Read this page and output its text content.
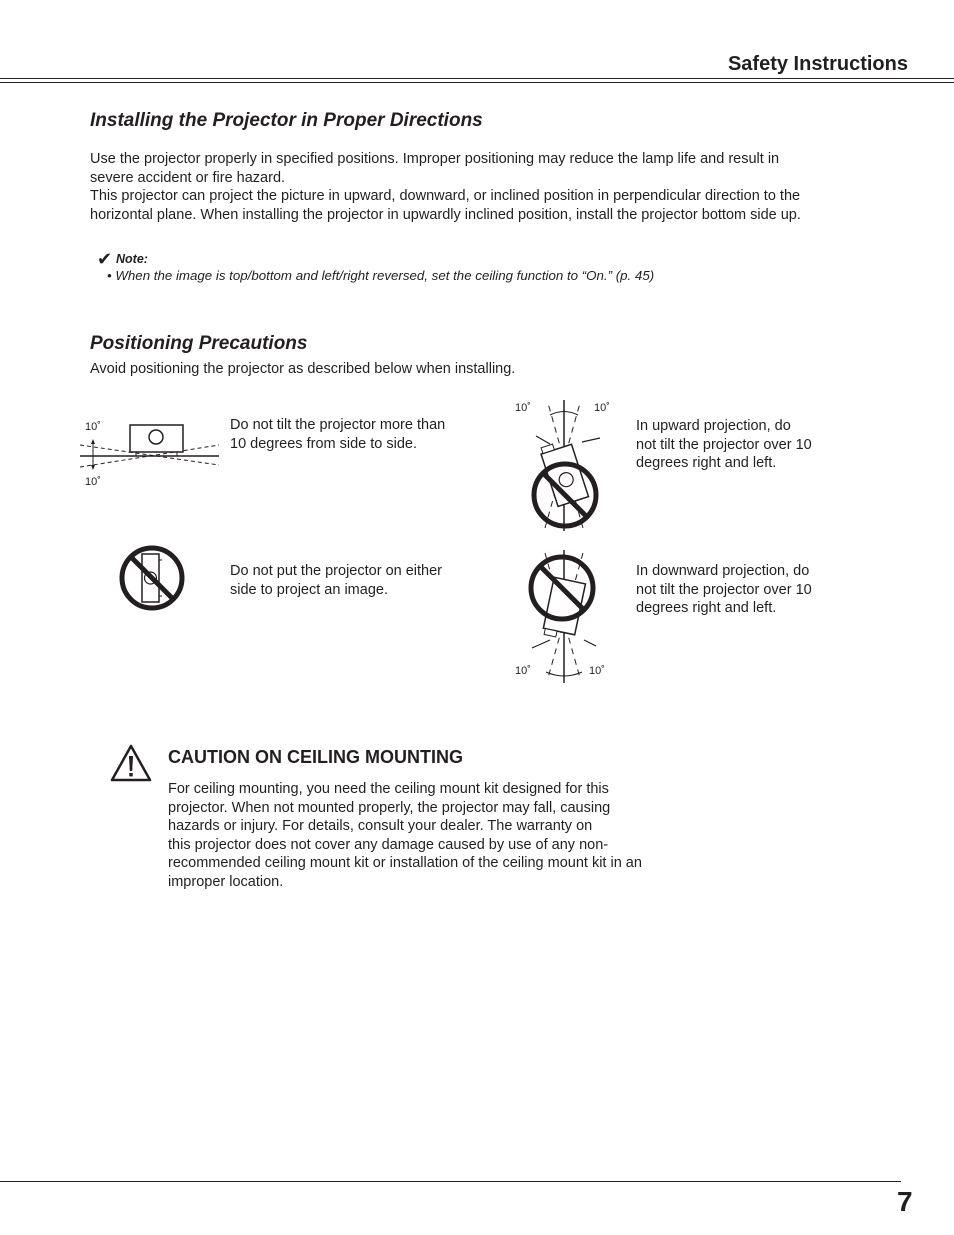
Safety Instructions
Installing the Projector in Proper Directions
Use the projector properly in specified positions. Improper positioning may reduce the lamp life and result in
severe accident or fire hazard.
This projector can project the picture in upward, downward, or inclined position in perpendicular direction to the
horizontal plane. When installing the projector in upwardly inclined position, install the projector bottom side up.
✔ Note:
• When the image is top/bottom and left/right reversed, set the ceiling function to “On.” (p. 45)
Positioning Precautions
Avoid positioning the projector as described below when installing.
10˚
10˚
Do not tilt the projector more than
10 degrees from side to side.
10˚	10˚
In upward projection, do
not tilt the projector over 10
degrees right and left.
Do not put the projector on either
side to project an image.
10˚	10˚
In downward projection, do
not tilt the projector over 10
degrees right and left.
CAUTION ON CEILING MOUNTING
For ceiling mounting, you need the ceiling mount kit designed for this
projector. When not mounted properly, the projector may fall, causing
hazards or injury. For details, consult your dealer. The warranty on
this projector does not cover any damage caused by use of any non-
recommended ceiling mount kit or installation of the ceiling mount kit in an
improper location.
7
